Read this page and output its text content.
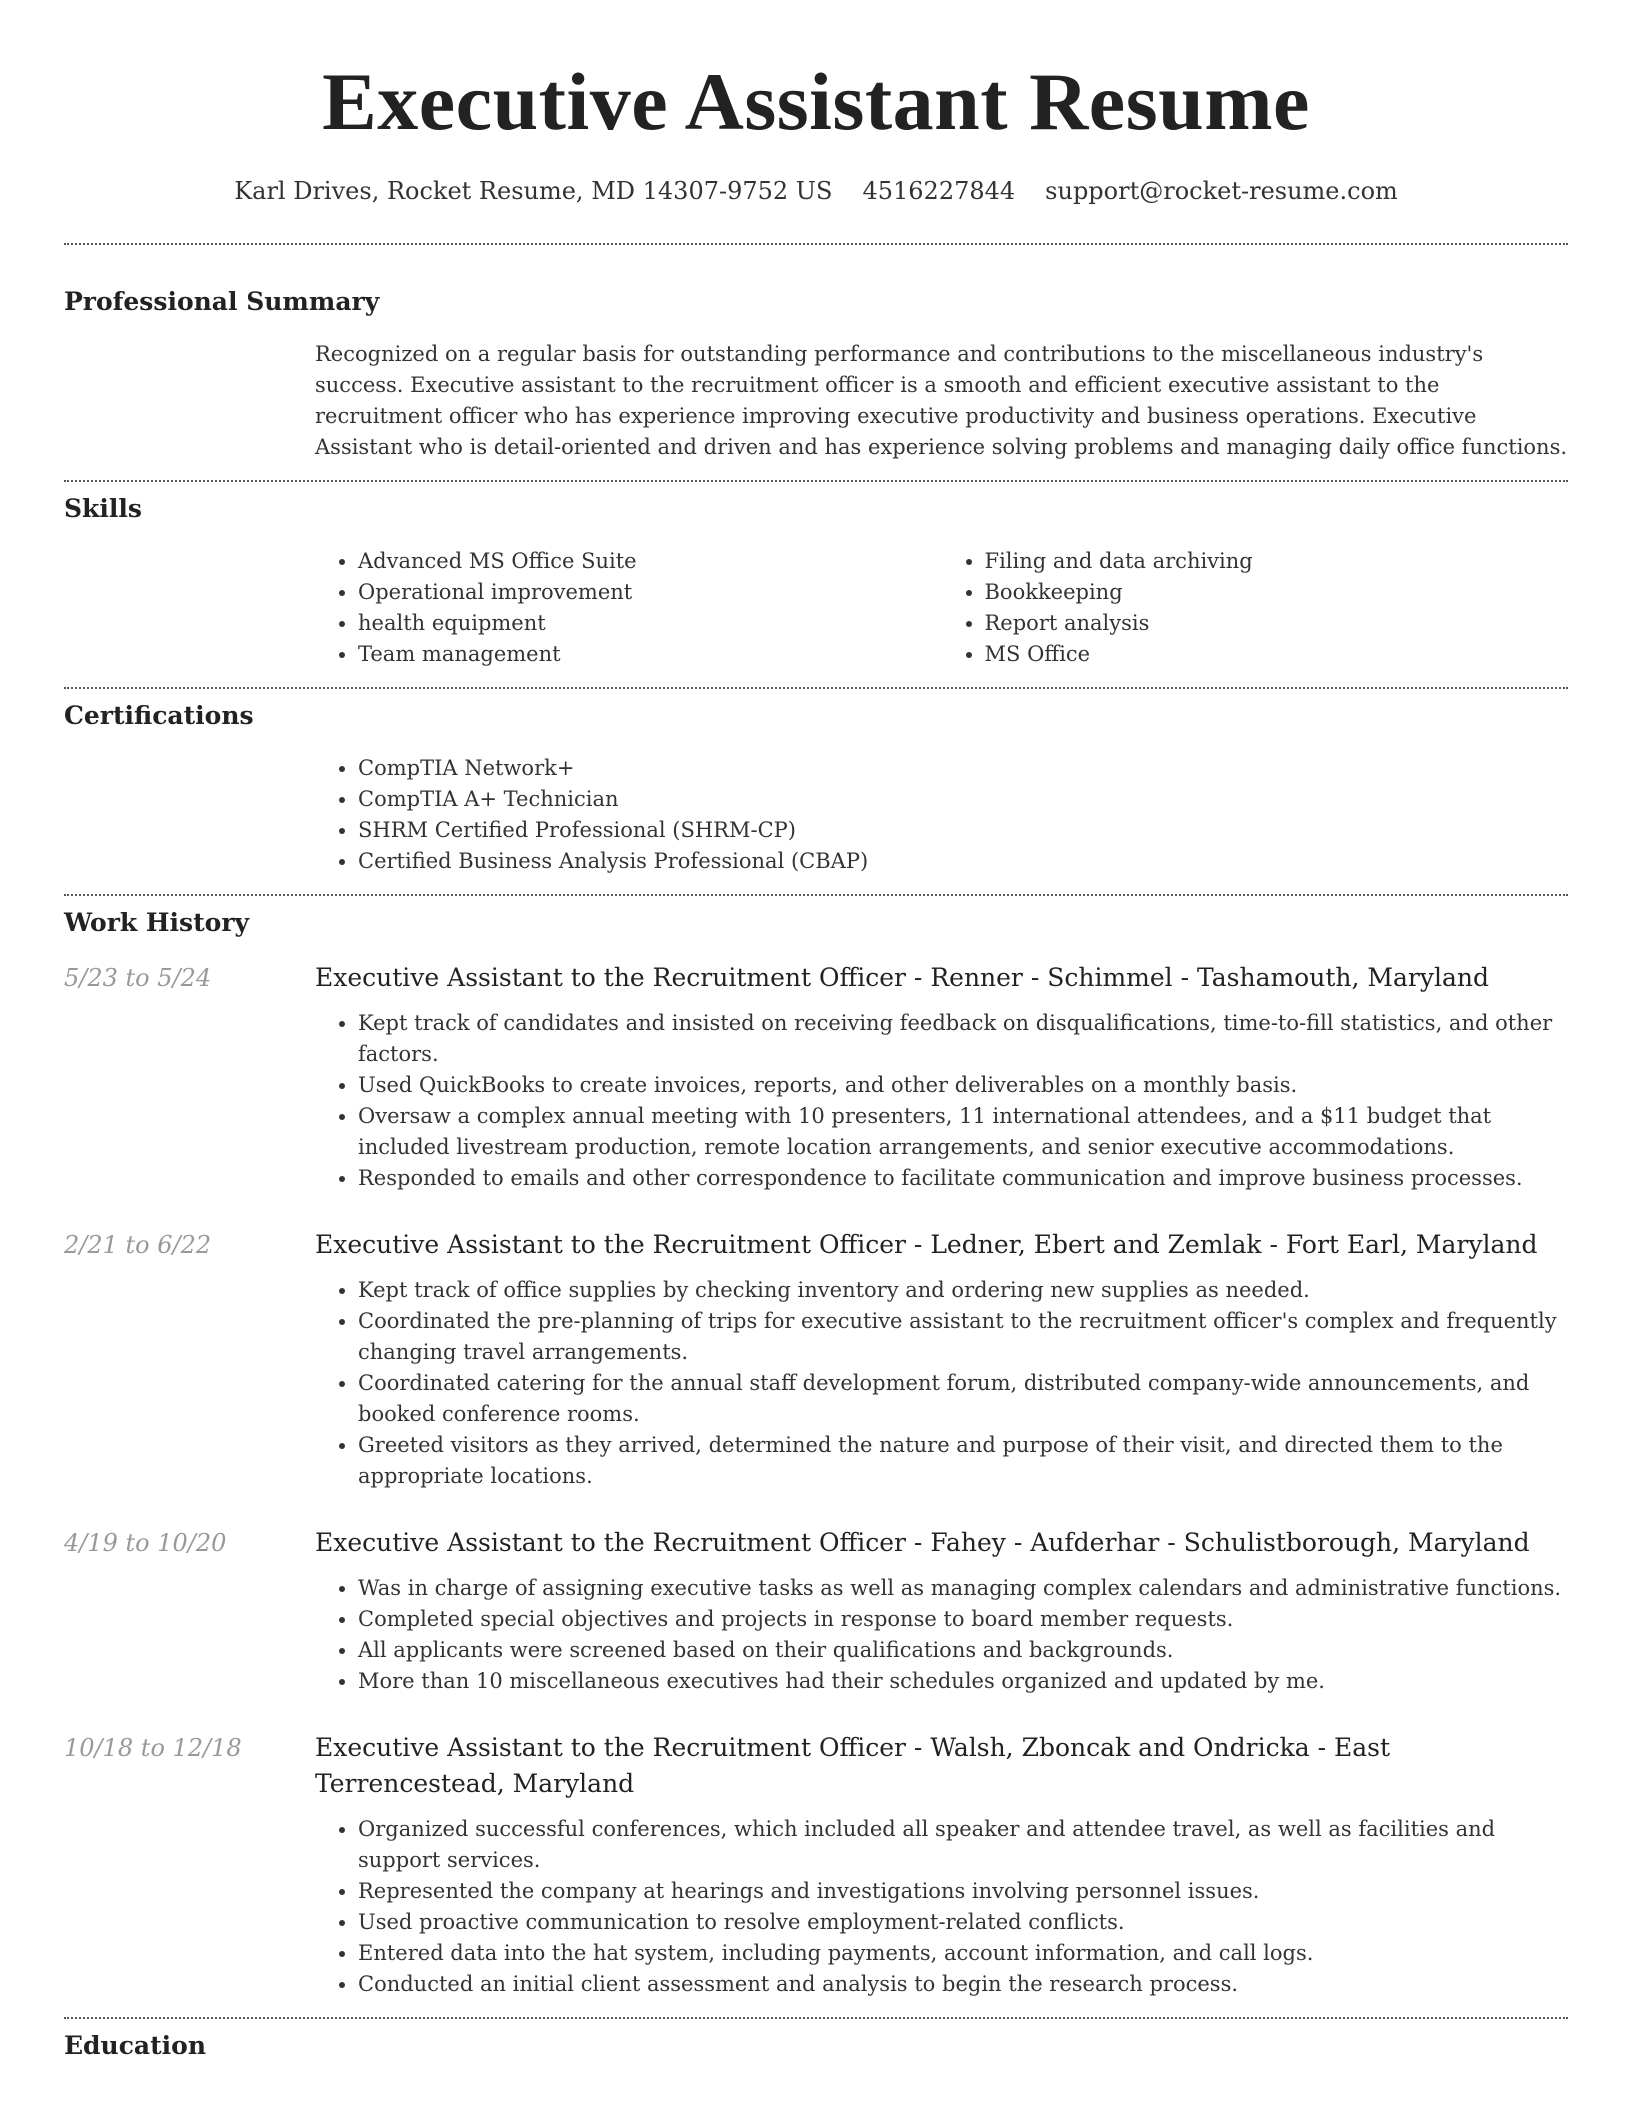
Executive Assistant Resume
Karl Drives, Rocket Resume, MD 14307-9752 US 4516227844 support@rocket-resume.com
Professional Summary
Recognized on a regular basis for outstanding performance and contributions to the miscellaneous industry's success. Executive assistant to the recruitment officer is a smooth and efficient executive assistant to the recruitment officer who has experience improving executive productivity and business operations. Executive Assistant who is detail-oriented and driven and has experience solving problems and managing daily office functions.
Skills
• Advanced MS Office Suite
• Operational improvement
• health equipment
• Team management
• Filing and data archiving
• Bookkeeping
• Report analysis
• MS Office
Certifications
• CompTIA Network+
• CompTIA A+ Technician
• SHRM Certified Professional (SHRM-CP)
• Certified Business Analysis Professional (CBAP)
Work History
5/23 to 5/24	Executive Assistant to the Recruitment Officer - Renner - Schimmel - Tashamouth, Maryland
• Kept track of candidates and insisted on receiving feedback on disqualifications, time-to-fill statistics, and other factors.
• Used QuickBooks to create invoices, reports, and other deliverables on a monthly basis.
• Oversaw a complex annual meeting with 10 presenters, 11 international attendees, and a $11 budget that included livestream production, remote location arrangements, and senior executive accommodations.
• Responded to emails and other correspondence to facilitate communication and improve business processes.
2/21 to 6/22	Executive Assistant to the Recruitment Officer - Ledner, Ebert and Zemlak - Fort Earl, Maryland
• Kept track of office supplies by checking inventory and ordering new supplies as needed.
• Coordinated the pre-planning of trips for executive assistant to the recruitment officer's complex and frequently changing travel arrangements.
• Coordinated catering for the annual staff development forum, distributed company-wide announcements, and booked conference rooms.
• Greeted visitors as they arrived, determined the nature and purpose of their visit, and directed them to the appropriate locations.
4/19 to 10/20	Executive Assistant to the Recruitment Officer - Fahey - Aufderhar - Schulistborough, Maryland
• Was in charge of assigning executive tasks as well as managing complex calendars and administrative functions.
• Completed special objectives and projects in response to board member requests.
• All applicants were screened based on their qualifications and backgrounds.
• More than 10 miscellaneous executives had their schedules organized and updated by me.
10/18 to 12/18	Executive Assistant to the Recruitment Officer - Walsh, Zboncak and Ondricka - East Terrencestead, Maryland
• Organized successful conferences, which included all speaker and attendee travel, as well as facilities and support services.
• Represented the company at hearings and investigations involving personnel issues.
• Used proactive communication to resolve employment-related conflicts.
• Entered data into the hat system, including payments, account information, and call logs.
• Conducted an initial client assessment and analysis to begin the research process.
Education
